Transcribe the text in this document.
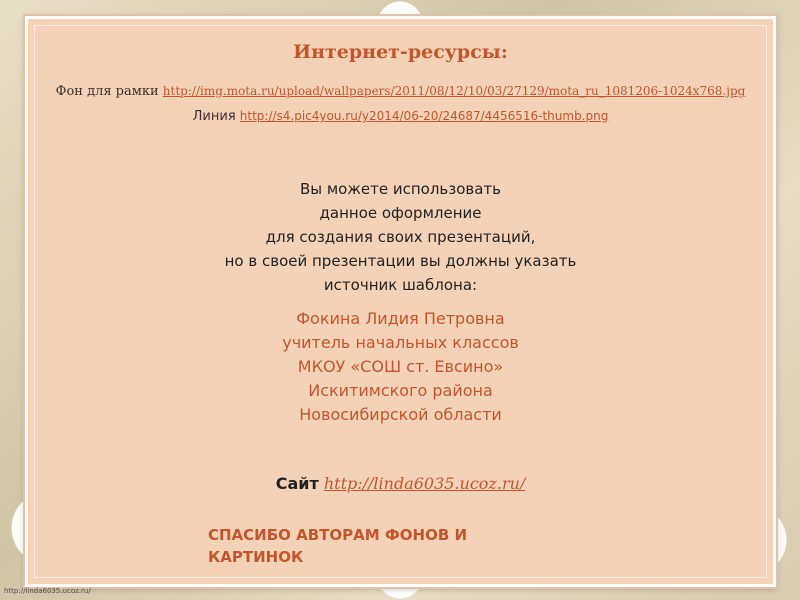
Интернет-ресурсы:
Фон для рамки http://img.mota.ru/upload/wallpapers/2011/08/12/10/03/27129/mota_ru_1081206-1024x768.jpg
Линия http://s4.pic4you.ru/y2014/06-20/24687/4456516-thumb.png
Вы можете использовать
данное оформление
для создания своих презентаций,
но в своей презентации вы должны указать
источник шаблона:
Фокина Лидия Петровна
учитель начальных классов
МКОУ «СОШ ст. Евсино»
Искитимского района
Новосибирской области
Сайт http://linda6035.ucoz.ru/
СПАСИБО АВТОРАМ ФОНОВ И
КАРТИНОК
http://linda6035.ucoz.ru/
